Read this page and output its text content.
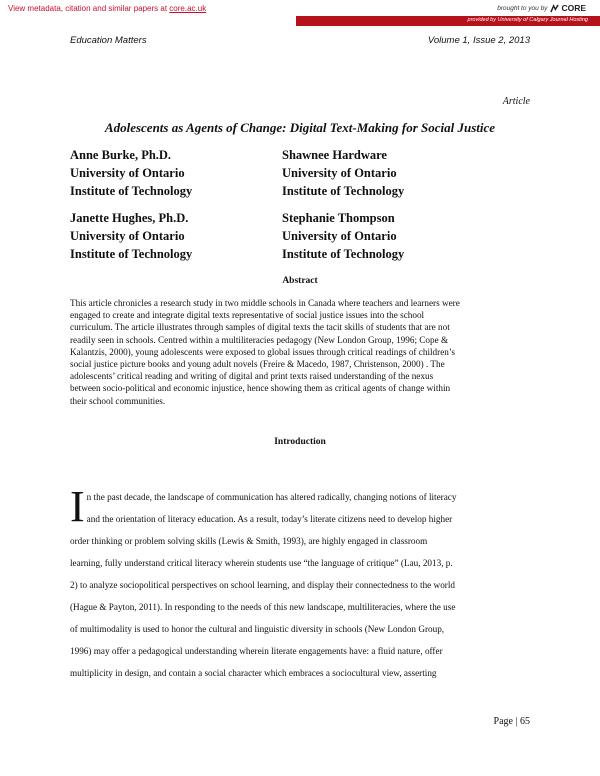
View metadata, citation and similar papers at core.ac.uk	brought to you by CORE
provided by University of Calgary Journal Hosting
Education Matters	Volume 1, Issue 2, 2013
Article
Adolescents as Agents of Change: Digital Text-Making for Social Justice
Anne Burke, Ph.D.
University of Ontario
Institute of Technology
Shawnee Hardware
University of Ontario
Institute of Technology
Janette Hughes, Ph.D.
University of Ontario
Institute of Technology
Stephanie Thompson
University of Ontario
Institute of Technology
Abstract
This article chronicles a research study in two middle schools in Canada where teachers and learners were
engaged to create and integrate digital texts representative of social justice issues into the school
curriculum. The article illustrates through samples of digital texts the tacit skills of students that are not
readily seen in schools. Centred within a multiliteracies pedagogy (New London Group, 1996; Cope &
Kalantzis, 2000), young adolescents were exposed to global issues through critical readings of children’s
social justice picture books and young adult novels (Freire & Macedo, 1987, Christenson, 2000) . The
adolescents’ critical reading and writing of digital and print texts raised understanding of the nexus
between socio-political and economic injustice, hence showing them as critical agents of change within
their school communities.
Introduction
I n the past decade, the landscape of communication has altered radically, changing notions of literacy
and the orientation of literacy education. As a result, today’s literate citizens need to develop higher
order thinking or problem solving skills (Lewis & Smith, 1993), are highly engaged in classroom
learning, fully understand critical literacy wherein students use “the language of critique” (Lau, 2013, p.
2) to analyze sociopolitical perspectives on school learning, and display their connectedness to the world
(Hague & Payton, 2011). In responding to the needs of this new landscape, multiliteracies, where the use
of multimodality is used to honor the cultural and linguistic diversity in schools (New London Group,
1996) may offer a pedagogical understanding wherein literate engagements have: a fluid nature, offer
multiplicity in design, and contain a social character which embraces a sociocultural view, asserting
Page | 65
